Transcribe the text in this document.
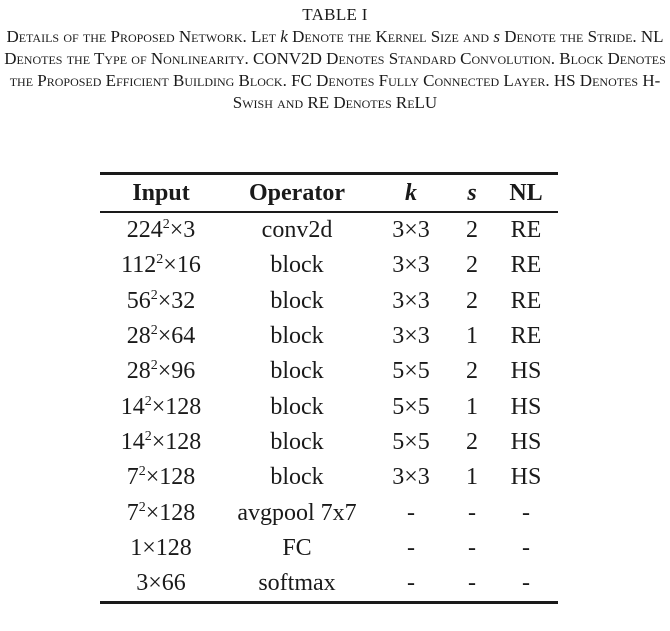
TABLE I
Details of the Proposed Network. Let k Denote the Kernel Size and s Denote the Stride. NL Denotes the Type of Nonlinearity. CONV2D Denotes Standard Convolution. Block Denotes the Proposed Efficient Building Block. FC Denotes Fully Connected Layer. HS Denotes H-Swish and RE Denotes ReLU
Input	Operator	k	s	NL
$224^2\times 3$	conv2d	3×3	2	RE
$112^2\times 16$	block	3×3	2	RE
$56^2\times 32$	block	3×3	2	RE
$28^2\times 64$	block	3×3	1	RE
$28^2\times 96$	block	5×5	2	HS
$14^2\times 128$	block	5×5	1	HS
$14^2\times 128$	block	5×5	2	HS
$7^2\times 128$	block	3×3	1	HS
$7^2\times 128$	avgpool 7x7	-	-	-
1×128	FC	-	-	-
3×66	softmax	-	-	-
